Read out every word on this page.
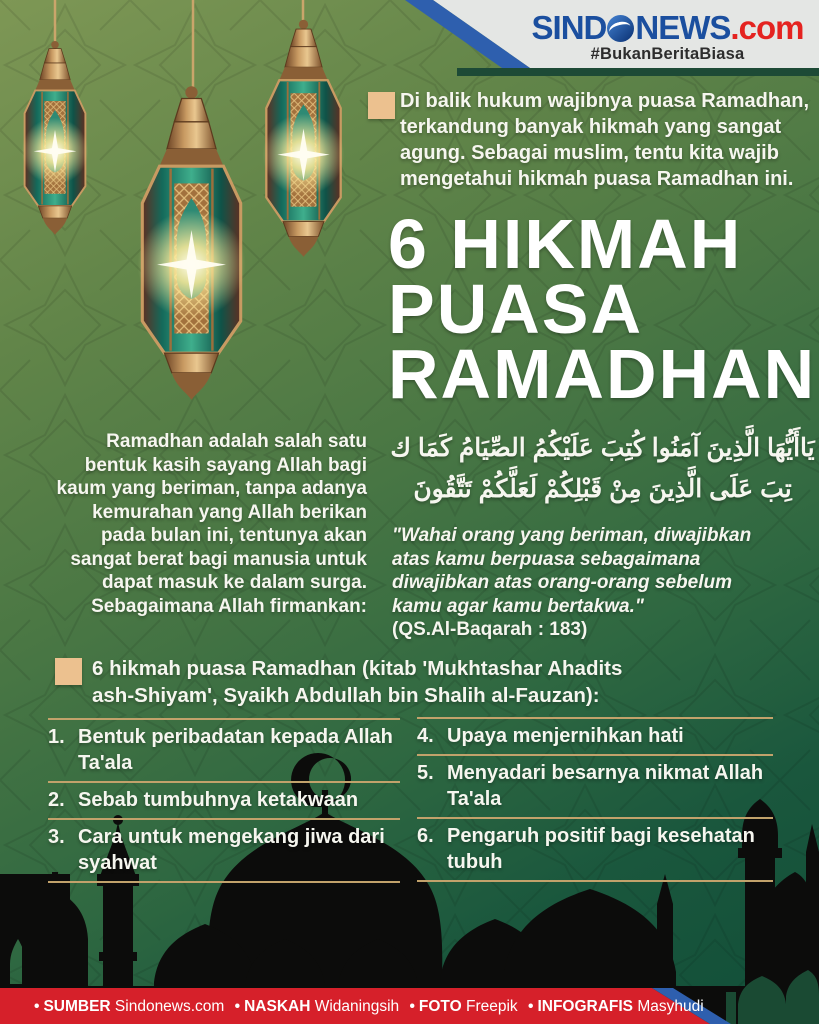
SIND NEWS.com
#BukanBeritaBiasa
Di balik hukum wajibnya puasa Ramadhan, terkandung banyak hikmah yang sangat agung. Sebagai muslim, tentu kita wajib mengetahui hikmah puasa Ramadhan ini.
6 HIKMAH
PUASA
RAMADHAN
Ramadhan adalah salah satu bentuk kasih sayang Allah bagi kaum yang beriman, tanpa adanya kemurahan yang Allah berikan pada bulan ini, tentunya akan sangat berat bagi manusia untuk dapat masuk ke dalam surga. Sebagaimana Allah firmankan:
يَاأَيُّهَا الَّذِينَ آمَنُوا كُتِبَ عَلَيْكُمُ الصِّيَامُ كَمَا ك
تِبَ عَلَى الَّذِينَ مِنْ قَبْلِكُمْ لَعَلَّكُمْ تَتَّقُونَ
"Wahai orang yang beriman, diwajibkan atas kamu berpuasa sebagaimana diwajibkan atas orang-orang sebelum kamu agar kamu bertakwa."
(QS.Al-Baqarah : 183)
6 hikmah puasa Ramadhan (kitab 'Mukhtashar Ahadits ash-Shiyam', Syaikh Abdullah bin Shalih al-Fauzan):
1. Bentuk peribadatan kepada Allah Ta'ala
2. Sebab tumbuhnya ketakwaan
3. Cara untuk mengekang jiwa dari syahwat
4. Upaya menjernihkan hati
5. Menyadari besarnya nikmat Allah Ta'ala
6. Pengaruh positif bagi kesehatan tubuh
• SUMBER Sindonews.com • NASKAH Widaningsih • FOTO Freepik • INFOGRAFIS Masyhudi
